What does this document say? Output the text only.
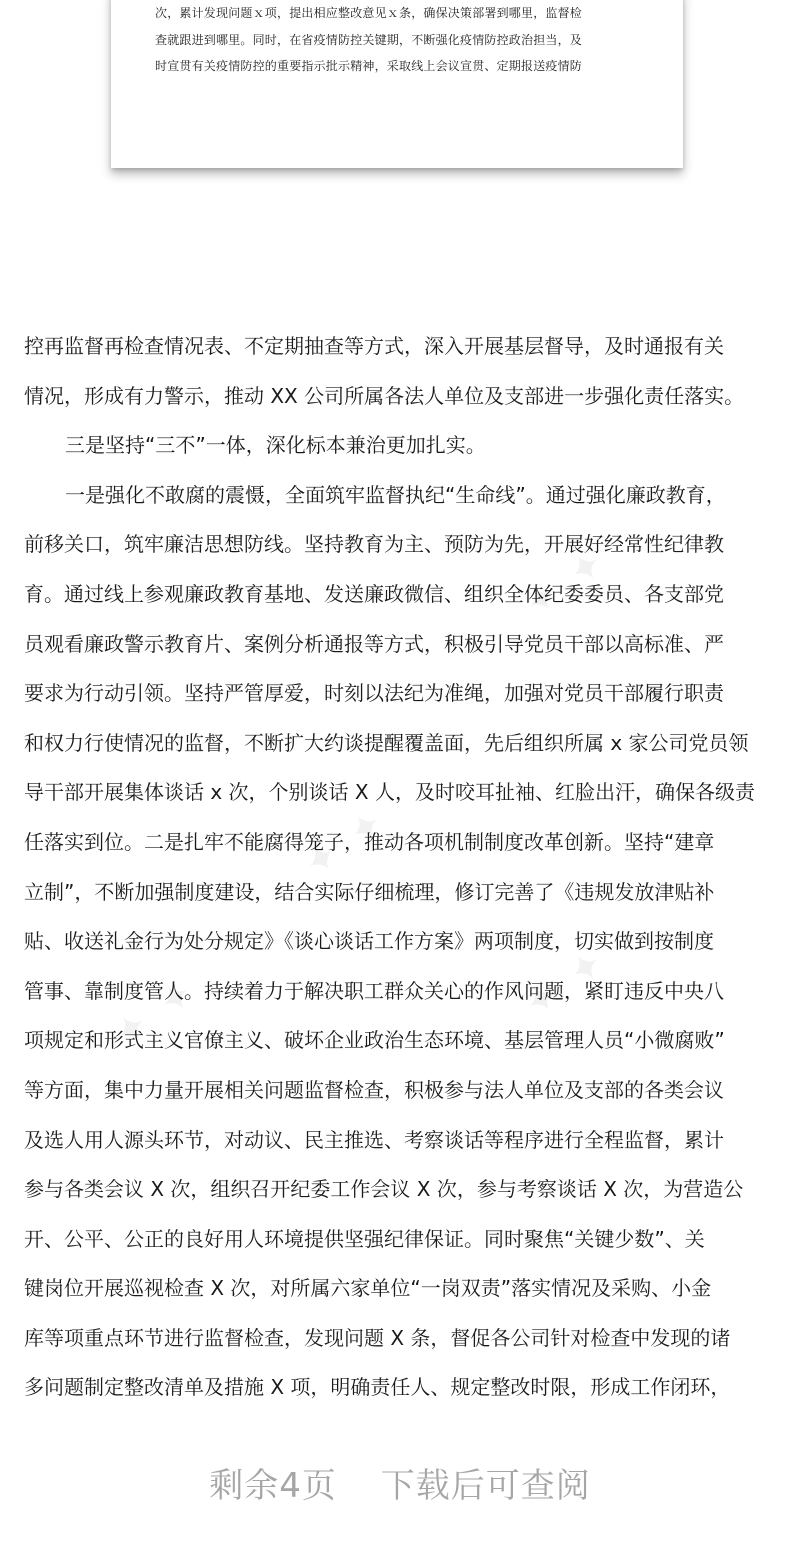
次，累计发现问题ｘ项，提出相应整改意见ｘ条，确保决策部署到哪里，监督检
查就跟进到哪里。同时，在省疫情防控关键期，不断强化疫情防控政治担当，及
时宣贯有关疫情防控的重要指示批示精神，采取线上会议宣贯、定期报送疫情防
✦ ✦
✦ ✦
✦ ✦	✦ ✦
控再监督再检查情况表、不定期抽查等方式，深入开展基层督导，及时通报有关
情况，形成有力警示，推动 XX 公司所属各法人单位及支部进一步强化责任落实。
三是坚持“三不”一体，深化标本兼治更加扎实。
一是强化不敢腐的震慑，全面筑牢监督执纪“生命线”。通过强化廉政教育，
前移关口，筑牢廉洁思想防线。坚持教育为主、预防为先，开展好经常性纪律教
育。通过线上参观廉政教育基地、发送廉政微信、组织全体纪委委员、各支部党
员观看廉政警示教育片、案例分析通报等方式，积极引导党员干部以高标准、严
要求为行动引领。坚持严管厚爱，时刻以法纪为准绳，加强对党员干部履行职责
和权力行使情况的监督，不断扩大约谈提醒覆盖面，先后组织所属 x 家公司党员领
导干部开展集体谈话 x 次，个别谈话 X 人，及时咬耳扯袖、红脸出汗，确保各级责
任落实到位。二是扎牢不能腐得笼子，推动各项机制制度改革创新。坚持“建章
立制”，不断加强制度建设，结合实际仔细梳理，修订完善了《违规发放津贴补
贴、收送礼金行为处分规定》《谈心谈话工作方案》两项制度，切实做到按制度
管事、靠制度管人。持续着力于解决职工群众关心的作风问题，紧盯违反中央八
项规定和形式主义官僚主义、破坏企业政治生态环境、基层管理人员“小微腐败”
等方面，集中力量开展相关问题监督检查，积极参与法人单位及支部的各类会议
及选人用人源头环节，对动议、民主推选、考察谈话等程序进行全程监督，累计
参与各类会议 X 次，组织召开纪委工作会议 X 次，参与考察谈话 X 次，为营造公
开、公平、公正的良好用人环境提供坚强纪律保证。同时聚焦“关键少数”、关
键岗位开展巡视检查 X 次，对所属六家单位“一岗双责”落实情况及采购、小金
库等项重点环节进行监督检查，发现问题 X 条，督促各公司针对检查中发现的诸
多问题制定整改清单及措施 X 项，明确责任人、规定整改时限，形成工作闭环，
剩余4页 下载后可查阅
